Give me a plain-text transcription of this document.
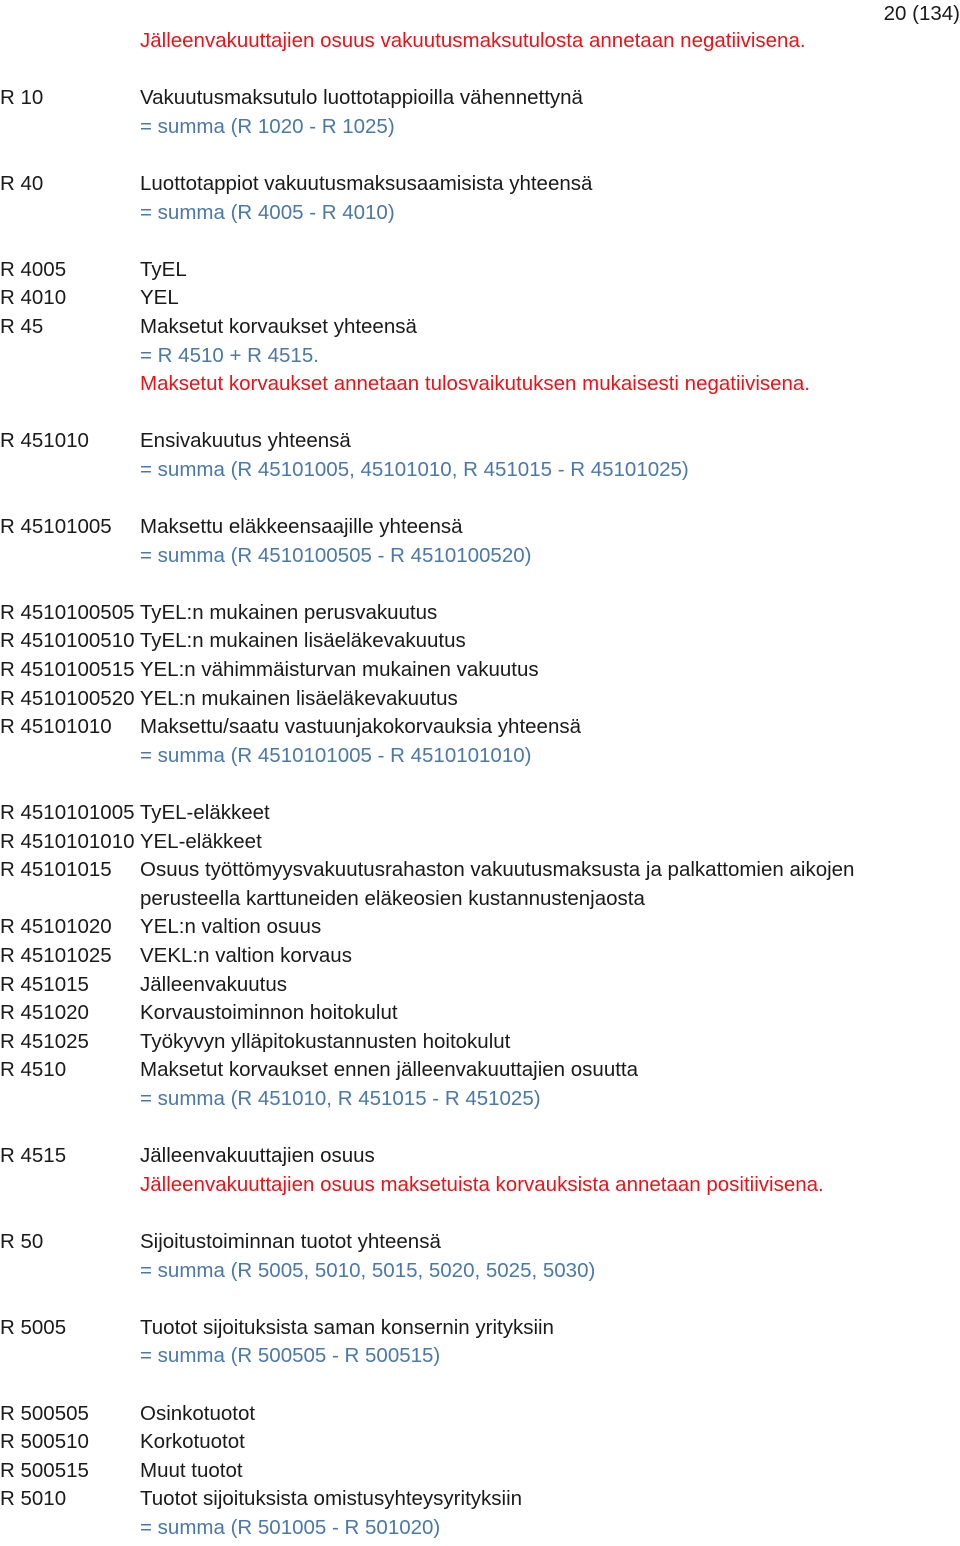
20 (134)
Jälleenvakuuttajien osuus vakuutusmaksutulosta annetaan negatiivisena.
R 10	Vakuutusmaksutulo luottotappioilla vähennettynä
= summa (R 1020 - R 1025)
R 40	Luottotappiot vakuutusmaksusaamisista yhteensä
= summa (R 4005 - R 4010)
R 4005	TyEL
R 4010	YEL
R 45	Maksetut korvaukset yhteensä
= R 4510 + R 4515.
Maksetut korvaukset annetaan tulosvaikutuksen mukaisesti negatiivisena.
R 451010 Ensivakuutus yhteensä
= summa (R 45101005, 45101010, R 451015 - R 45101025)
R 45101005 Maksettu eläkkeensaajille yhteensä
= summa (R 4510100505 - R 4510100520)
R 4510100505 TyEL:n mukainen perusvakuutus
R 4510100510 TyEL:n mukainen lisäeläkevakuutus
R 4510100515 YEL:n vähimmäisturvan mukainen vakuutus
R 4510100520 YEL:n mukainen lisäeläkevakuutus
R 45101010 Maksettu/saatu vastuunjakokorvauksia yhteensä
= summa (R 4510101005 - R 4510101010)
R 4510101005 TyEL-eläkkeet
R 4510101010 YEL-eläkkeet
R 45101015 Osuus työttömyysvakuutusrahaston vakuutusmaksusta ja palkattomien aikojen perusteella karttuneiden eläkeosien kustannustenjaosta
R 45101020 YEL:n valtion osuus
R 45101025 VEKL:n valtion korvaus
R 451015 Jälleenvakuutus
R 451020 Korvaustoiminnon hoitokulut
R 451025 Työkyvyn ylläpitokustannusten hoitokulut
R 4510	Maksetut korvaukset ennen jälleenvakuuttajien osuutta
= summa (R 451010, R 451015 - R 451025)
R 4515	Jälleenvakuuttajien osuus
Jälleenvakuuttajien osuus maksetuista korvauksista annetaan positiivisena.
R 50	Sijoitustoiminnan tuotot yhteensä
= summa (R 5005, 5010, 5015, 5020, 5025, 5030)
R 5005	Tuotot sijoituksista saman konsernin yrityksiin
= summa (R 500505 - R 500515)
R 500505 Osinkotuotot
R 500510 Korkotuotot
R 500515 Muut tuotot
R 5010	Tuotot sijoituksista omistusyhteysyrityksiin
= summa (R 501005 - R 501020)
